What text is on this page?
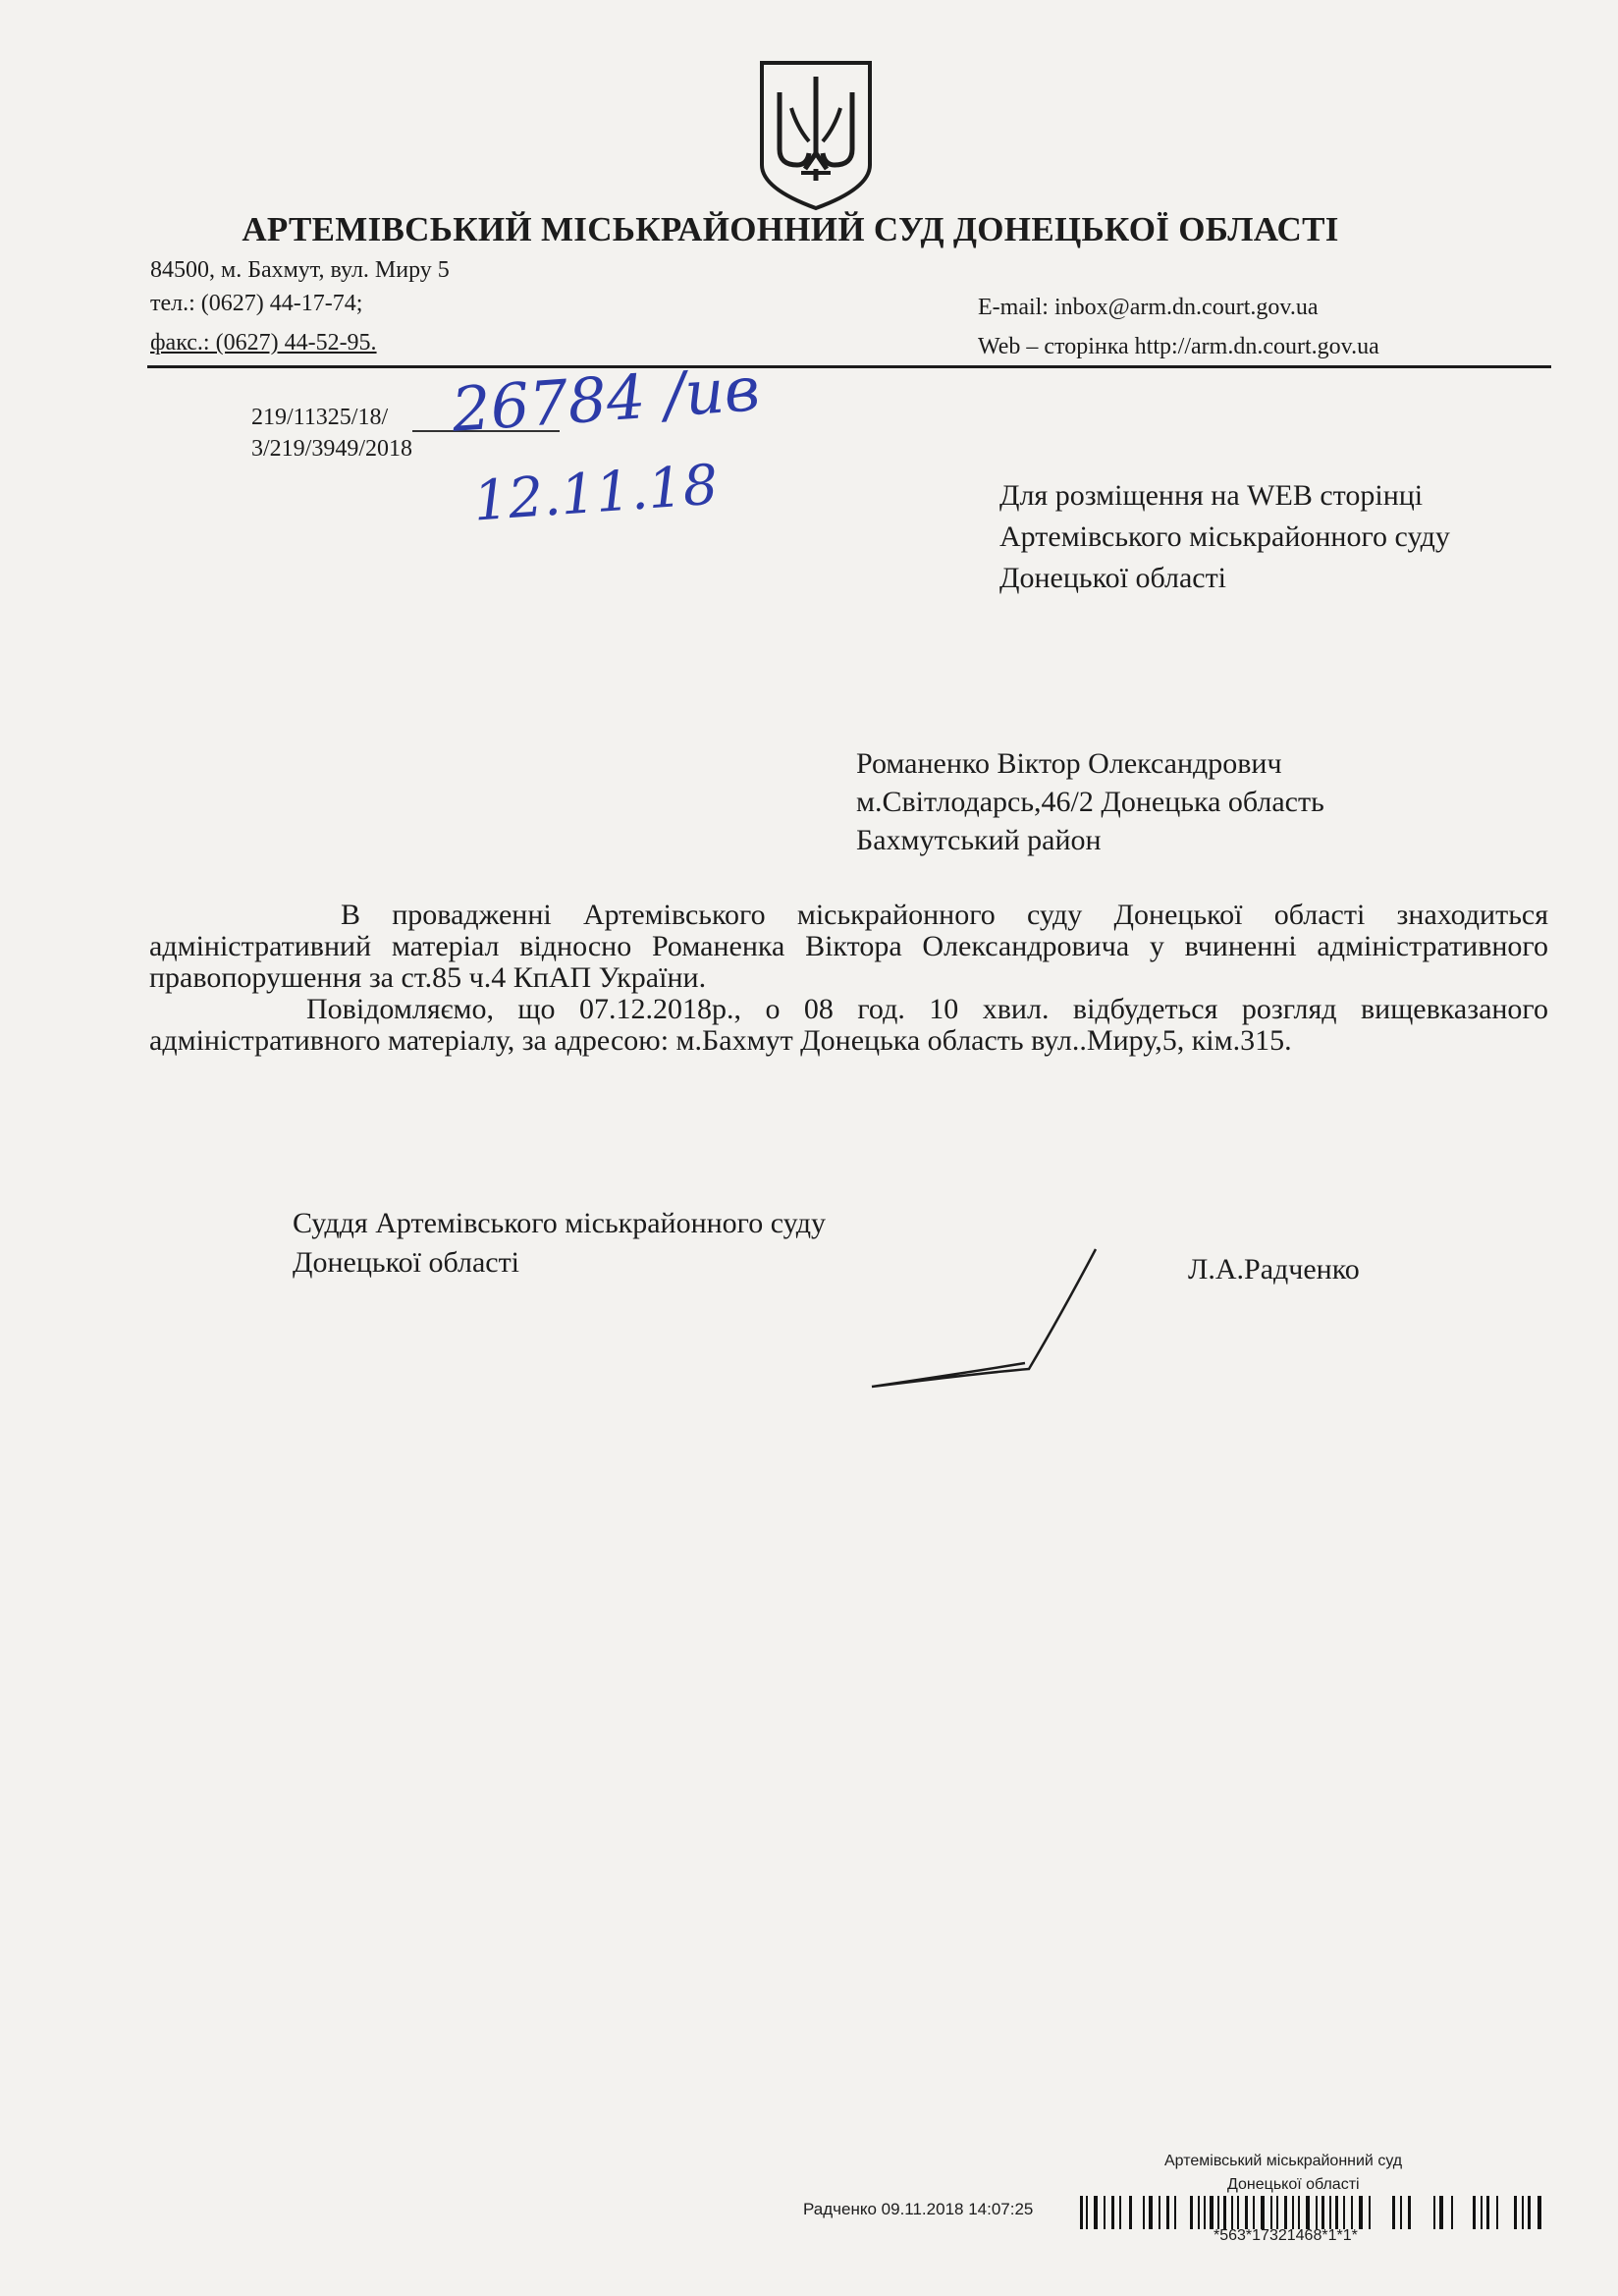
АРТЕМІВСЬКИЙ МІСЬКРАЙОННИЙ СУД ДОНЕЦЬКОЇ ОБЛАСТІ
84500, м. Бахмут, вул. Миру 5
тел.: (0627) 44-17-74;
факс.: (0627) 44-52-95.
E-mail: inbox@arm.dn.court.gov.ua
Web – сторінка http://arm.dn.court.gov.ua
219/11325/18/
3/219/3949/2018
26784 /ив
12.11.18	Для розміщення на WEB сторінці
Артемівського міськрайонного суду
Донецької області
Романенко Віктор Олександрович
м.Світлодарсь,46/2 Донецька область
Бахмутський район

В провадженні Артемівського міськрайонного суду Донецької області знаходиться адміністративний матеріал відносно Романенка Віктора Олександровича у вчиненні адміністративного правопорушення за ст.85 ч.4 КпАП України.

Повідомляємо, що 07.12.2018р., о 08 год. 10 хвил. відбудеться розгляд вищевказаного адміністративного матеріалу, за адресою: м.Бахмут Донецька область вул..Миру,5, кім.315.

Суддя Артемівського міськрайонного суду
Донецької області	Л.А.Радченко
Артемівський міськрайонний суд
Донецької області
Радченко 09.11.2018 14:07:25
*563*17321468*1*1*
